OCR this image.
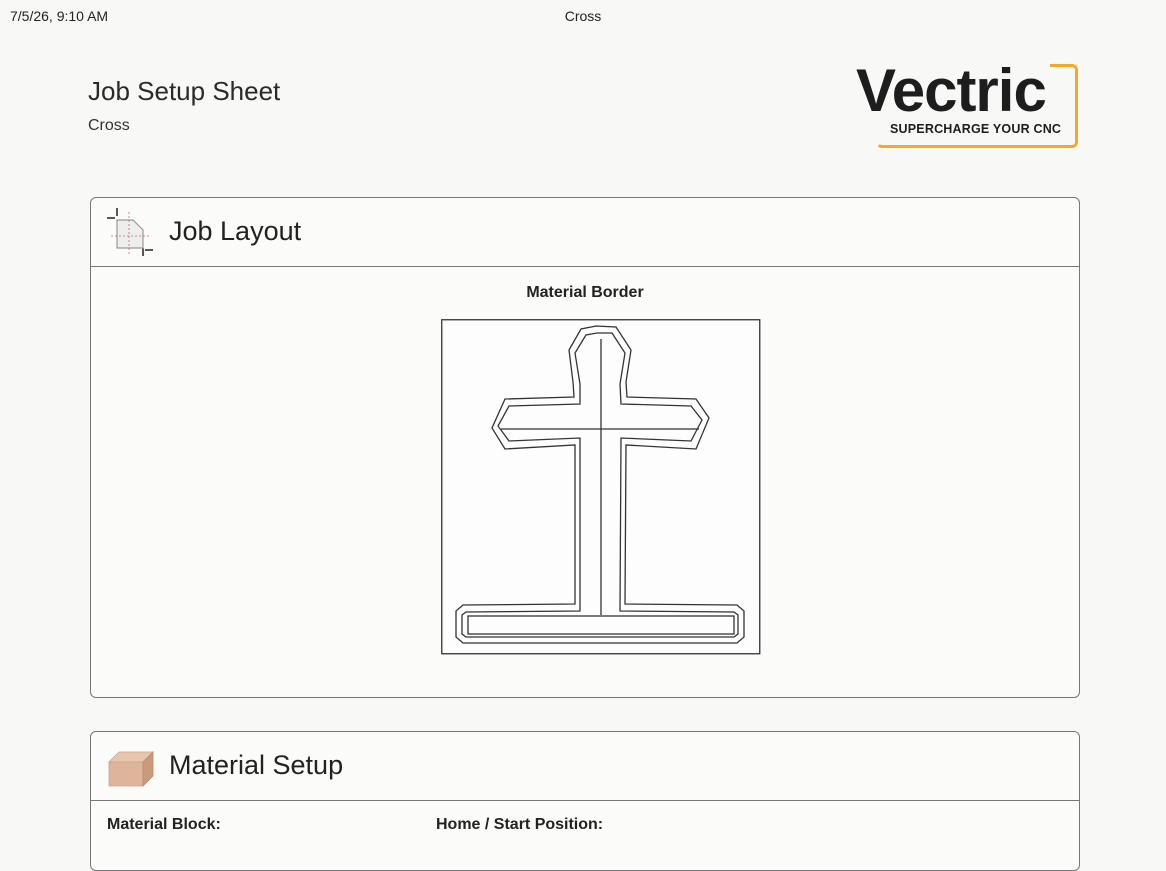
7/5/26, 9:10 AM	Cross
Job Setup Sheet
Cross
Vectric
SUPERCHARGE YOUR CNC
Job Layout
Material Border
Material Setup
Material Block:	Home / Start Position:
